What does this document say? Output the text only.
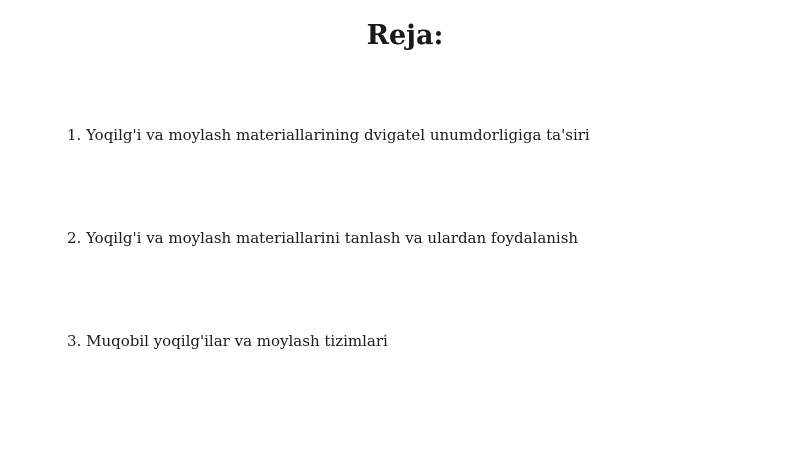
Reja:

1. Yoqilg'i va moylash materiallarining dvigatel unumdorligiga ta'siri

2. Yoqilg'i va moylash materiallarini tanlash va ulardan foydalanish

3. Muqobil yoqilg'ilar va moylash tizimlari
